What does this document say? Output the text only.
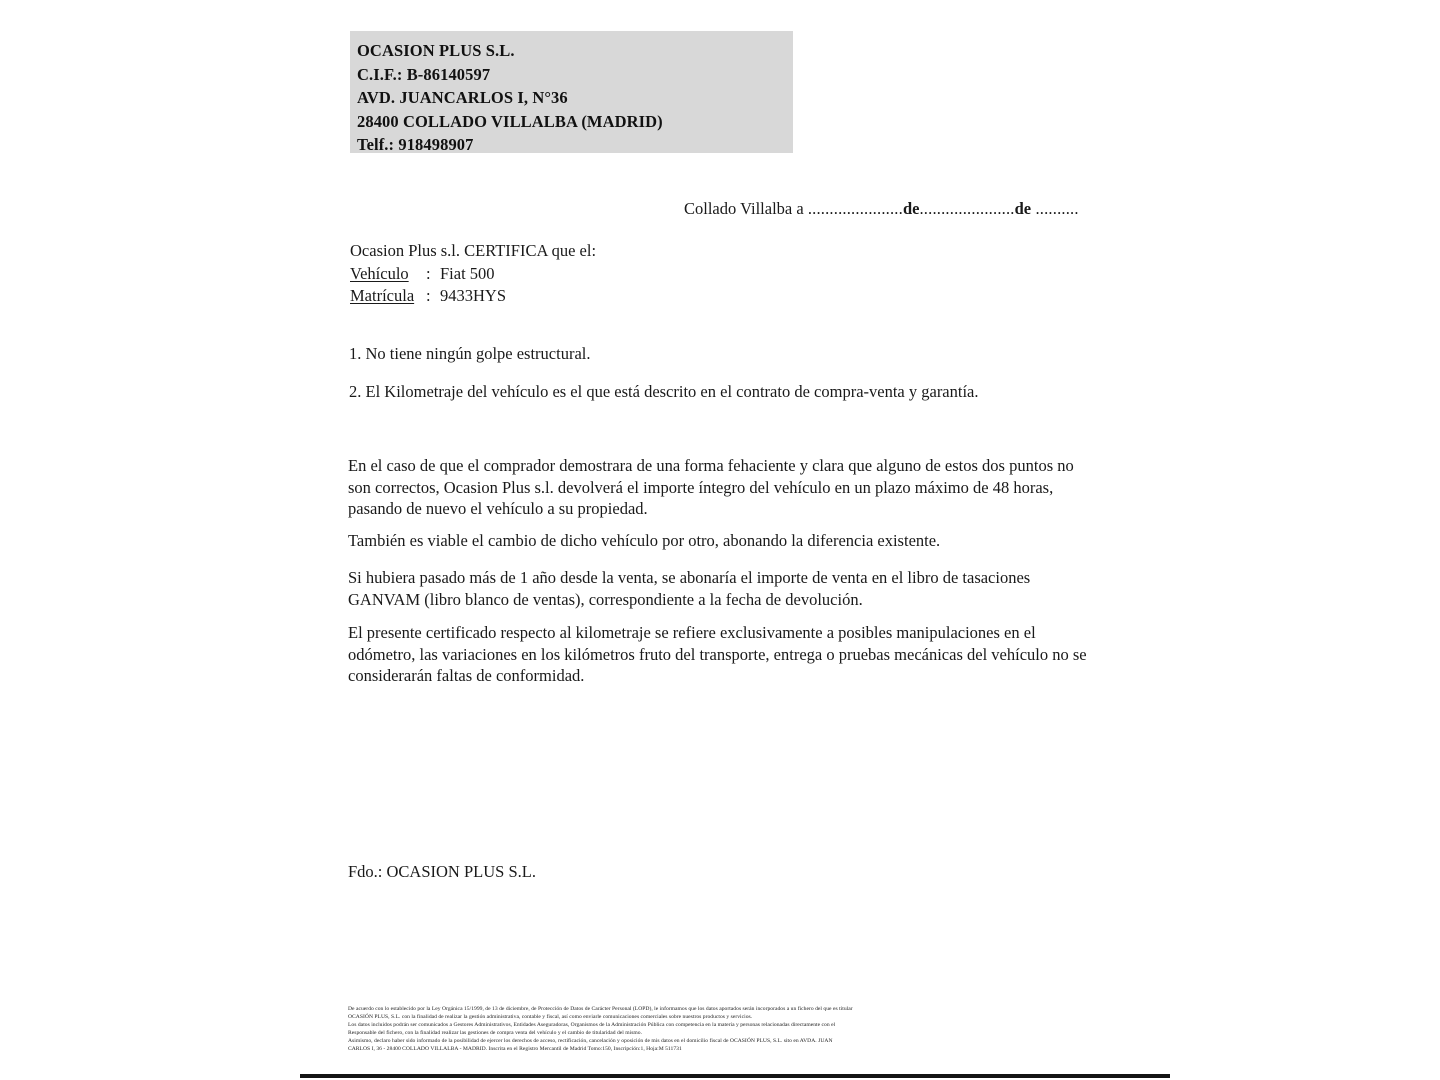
OCASION PLUS S.L.
C.I.F.: B-86140597
AVD. JUANCARLOS I, N°36
28400 COLLADO VILLALBA (MADRID)
Telf.: 918498907
Collado Villalba a ......................de......................de ..........
Ocasion Plus s.l. CERTIFICA que el:
Vehículo : Fiat 500
Matrícula : 9433HYS
1. No tiene ningún golpe estructural.
2. El Kilometraje del vehículo es el que está descrito en el contrato de compra-venta y garantía.
En el caso de que el comprador demostrara de una forma fehaciente y clara que alguno de estos dos puntos no son correctos, Ocasion Plus s.l. devolverá el importe íntegro del vehículo en un plazo máximo de 48 horas, pasando de nuevo el vehículo a su propiedad.
También es viable el cambio de dicho vehículo por otro, abonando la diferencia existente.
Si hubiera pasado más de 1 año desde la venta, se abonaría el importe de venta en el libro de tasaciones GANVAM (libro blanco de ventas), correspondiente a la fecha de devolución.
El presente certificado respecto al kilometraje se refiere exclusivamente a posibles manipulaciones en el odómetro, las variaciones en los kilómetros fruto del transporte, entrega o pruebas mecánicas del vehículo no se considerarán faltas de conformidad.
Fdo.: OCASION PLUS S.L.
De acuerdo con lo establecido por la Ley Orgánica 15/1999, de 13 de diciembre, de Protección de Datos de Carácter Personal (LOPD), le informamos que los datos aportados serán incorporados a un fichero del que es titular
OCASIÓN PLUS, S.L. con la finalidad de realizar la gestión administrativa, contable y fiscal, así como enviarle comunicaciones comerciales sobre nuestros productos y servicios.
Los datos incluidos podrán ser comunicados a Gestores Administrativos, Entidades Aseguradoras, Organismos de la Administración Pública con competencia en la materia y personas relacionadas directamente con el
Responsable del fichero, con la finalidad realizar las gestiones de compra venta del vehículo y el cambio de titularidad del mismo.
Asimismo, declaro haber sido informado de la posibilidad de ejercer los derechos de acceso, rectificación, cancelación y oposición de mis datos en el domicilio fiscal de OCASIÓN PLUS, S.L. sito en AVDA. JUAN
CARLOS I, 36 - 28400 COLLADO VILLALBA - MADRID. Inscrita en el Registro Mercantil de Madrid Tomo:150, Inscripción:1, Hoja:M 511731
